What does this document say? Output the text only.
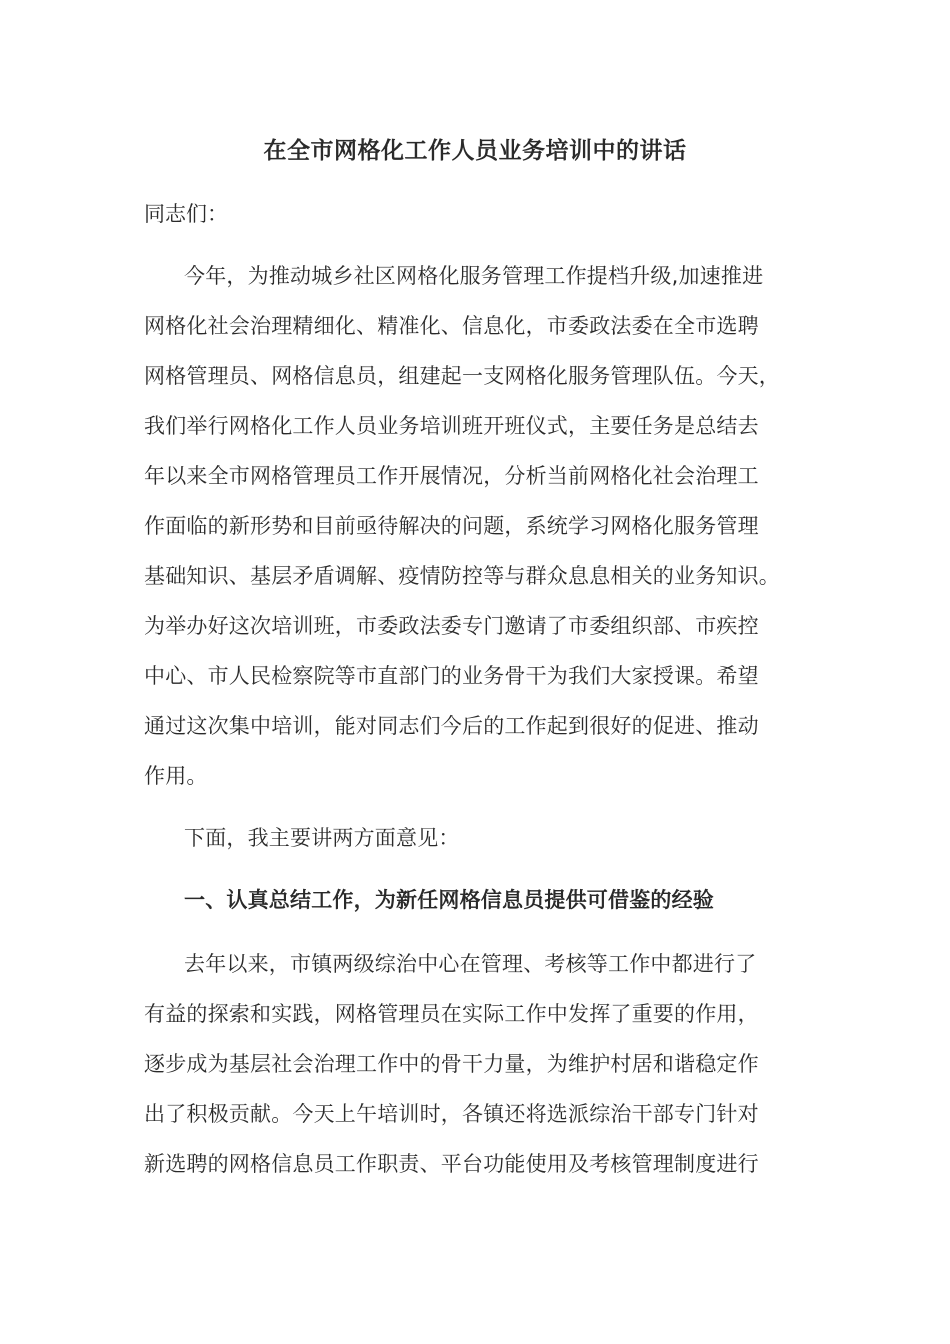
在全市网格化工作人员业务培训中的讲话
同志们：
今年，为推动城乡社区网格化服务管理工作提档升级,加速推进
网格化社会治理精细化、精准化、信息化，市委政法委在全市选聘
网格管理员、网格信息员，组建起一支网格化服务管理队伍。今天，
我们举行网格化工作人员业务培训班开班仪式，主要任务是总结去
年以来全市网格管理员工作开展情况，分析当前网格化社会治理工
作面临的新形势和目前亟待解决的问题，系统学习网格化服务管理
基础知识、基层矛盾调解、疫情防控等与群众息息相关的业务知识。
为举办好这次培训班，市委政法委专门邀请了市委组织部、市疾控
中心、市人民检察院等市直部门的业务骨干为我们大家授课。希望
通过这次集中培训，能对同志们今后的工作起到很好的促进、推动
作用。
下面，我主要讲两方面意见：
一、认真总结工作，为新任网格信息员提供可借鉴的经验
去年以来，市镇两级综治中心在管理、考核等工作中都进行了
有益的探索和实践，网格管理员在实际工作中发挥了重要的作用，
逐步成为基层社会治理工作中的骨干力量，为维护村居和谐稳定作
出了积极贡献。今天上午培训时，各镇还将选派综治干部专门针对
新选聘的网格信息员工作职责、平台功能使用及考核管理制度进行
